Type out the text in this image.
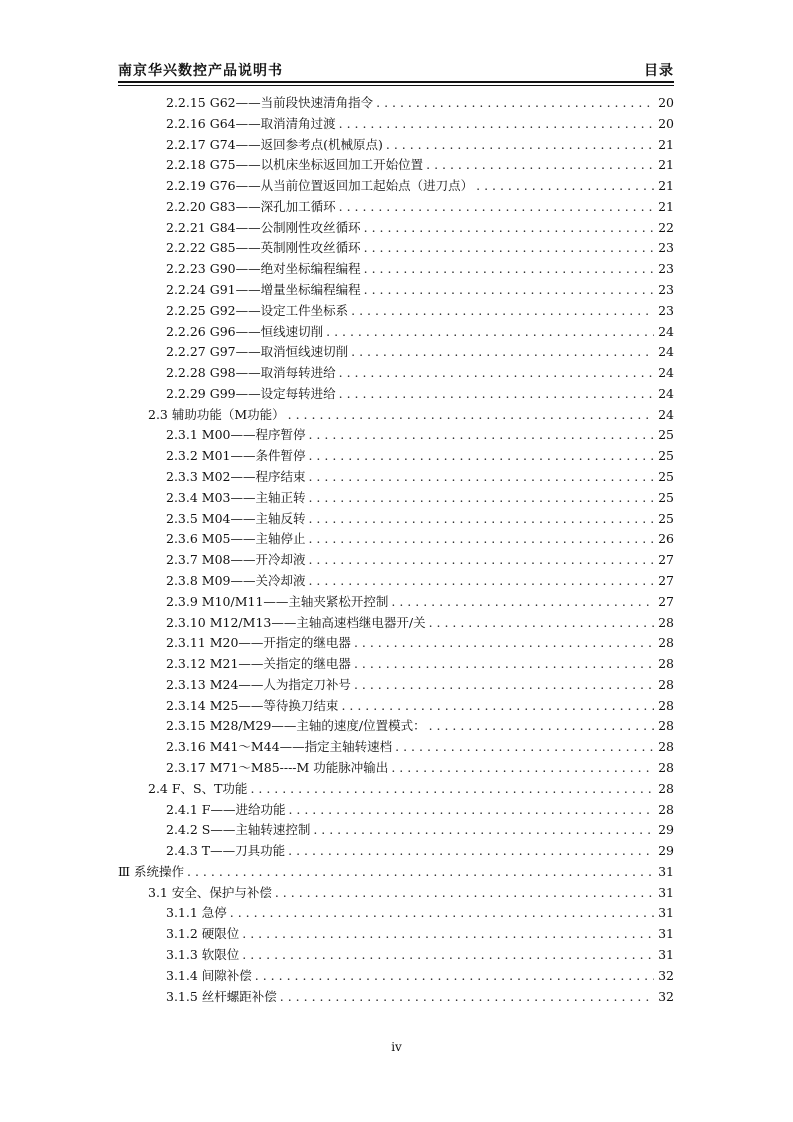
南京华兴数控产品说明书	目录
2.2.15 G62——当前段快速清角指令 . . .	20
2.2.16 G64——取消清角过渡 . . .	20
2.2.17 G74——返回参考点(机械原点) . . .	21
2.2.18 G75——以机床坐标返回加工开始位置 . . .	21
2.2.19 G76——从当前位置返回加工起始点（进刀点） . . .	21
2.2.20 G83——深孔加工循环 . . .	21
2.2.21 G84——公制刚性攻丝循环 . . .	22
2.2.22 G85——英制刚性攻丝循环 . . .	23
2.2.23 G90——绝对坐标编程编程 . . .	23
2.2.24 G91——增量坐标编程编程 . . .	23
2.2.25 G92——设定工件坐标系 . . .	23
2.2.26 G96——恒线速切削 . . .	24
2.2.27 G97——取消恒线速切削 . . .	24
2.2.28 G98——取消每转进给 . . .	24
2.2.29 G99——设定每转进给 . . .	24
2.3 辅助功能（M功能） . . .	24
2.3.1 M00——程序暂停 . . .	25
2.3.2 M01——条件暂停 . . .	25
2.3.3 M02——程序结束 . . .	25
2.3.4 M03——主轴正转 . . .	25
2.3.5 M04——主轴反转 . . .	25
2.3.6 M05——主轴停止 . . .	26
2.3.7 M08——开冷却液 . . .	27
2.3.8 M09——关冷却液 . . .	27
2.3.9 M10/M11——主轴夹紧松开控制 . . .	27
2.3.10 M12/M13——主轴高速档继电器开/关 . . .	28
2.3.11 M20——开指定的继电器 . . .	28
2.3.12 M21——关指定的继电器 . . .	28
2.3.13 M24——人为指定刀补号 . . .	28
2.3.14 M25——等待换刀结束 . . .	28
2.3.15 M28/M29——主轴的速度/位置模式： . . .	28
2.3.16 M41～M44——指定主轴转速档 . . .	28
2.3.17 M71～M85----M 功能脉冲输出 . . .	28
2.4 F、S、T功能 . . .	28
2.4.1 F——进给功能 . . .	28
2.4.2 S——主轴转速控制 . . .	29
2.4.3 T——刀具功能 . . .	29
Ⅲ 系统操作 . . .	31
3.1 安全、保护与补偿 . . .	31
3.1.1 急停 . . .	31
3.1.2 硬限位 . . .	31
3.1.3 软限位 . . .	31
3.1.4 间隙补偿 . . .	32
3.1.5 丝杆螺距补偿 . . .	32
iv
